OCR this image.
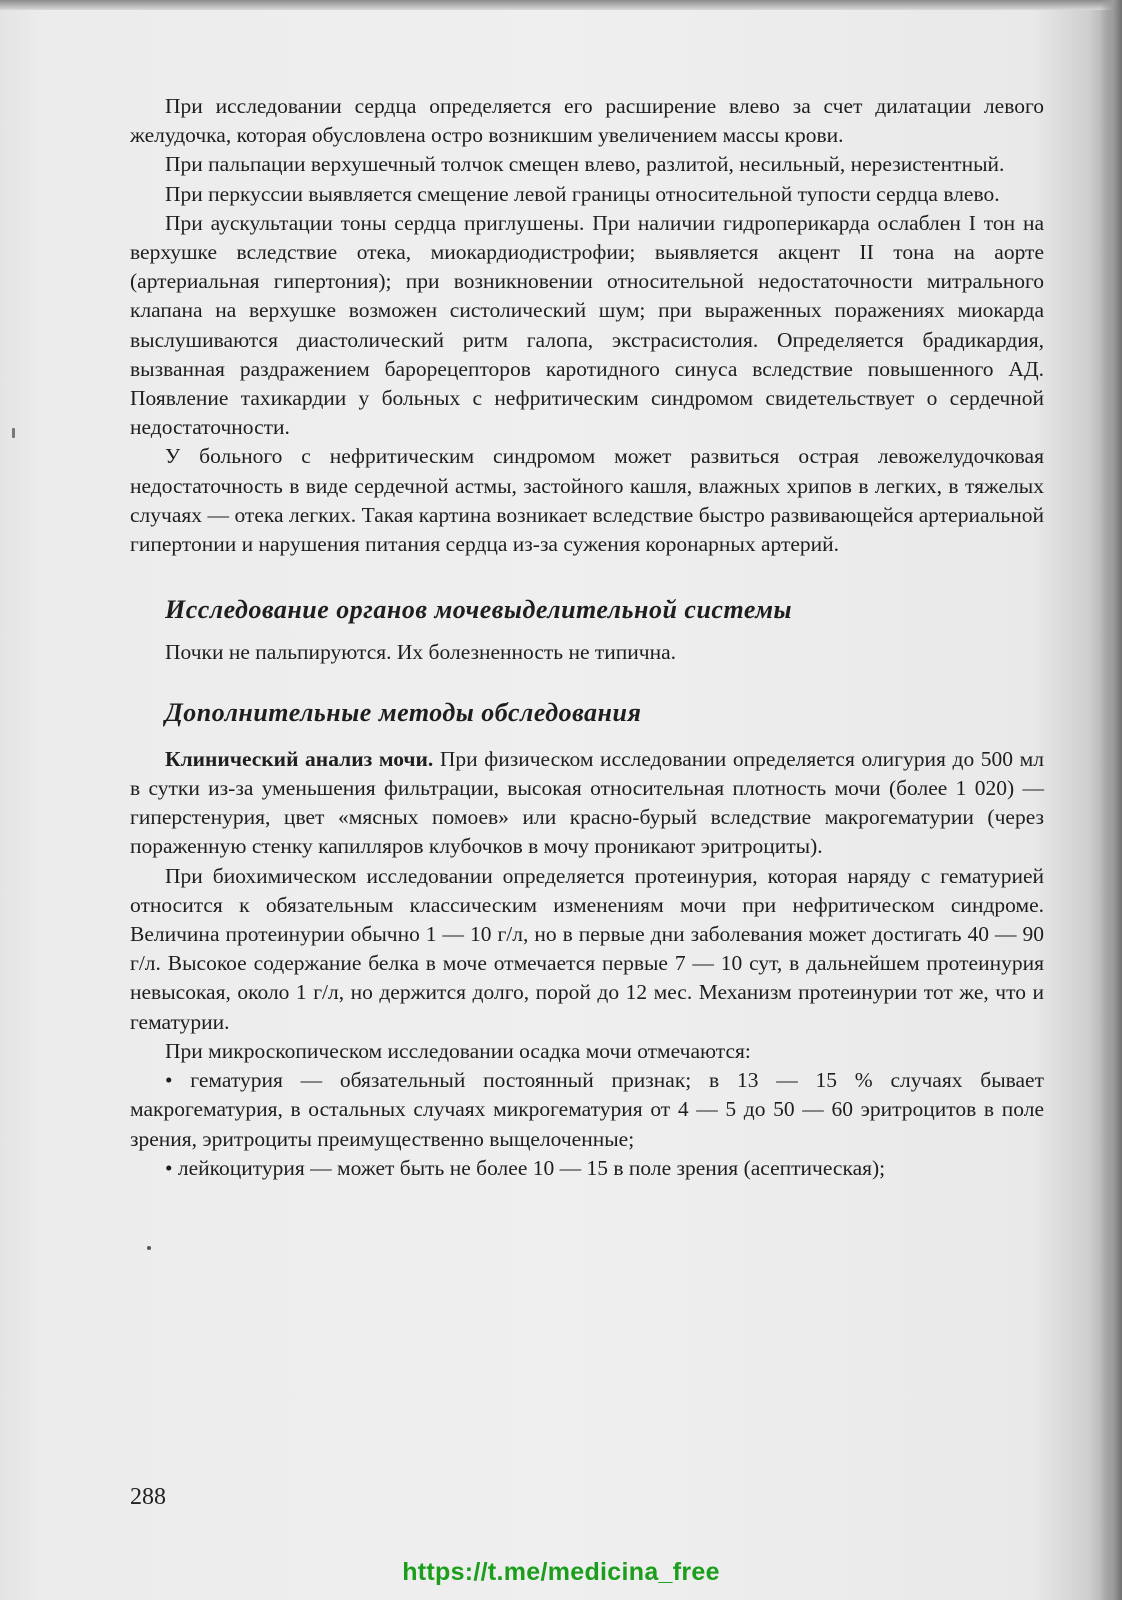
При исследовании сердца определяется его расширение влево за счет дилатации левого желудочка, которая обусловлена остро возникшим увеличением массы крови.

При пальпации верхушечный толчок смещен влево, разлитой, несильный, нерезистентный.

При перкуссии выявляется смещение левой границы относительной тупости сердца влево.

При аускультации тоны сердца приглушены. При наличии гидроперикарда ослаблен I тон на верхушке вследствие отека, миокардиодистрофии; выявляется акцент II тона на аорте (артериальная гипертония); при возникновении относительной недостаточности митрального клапана на верхушке возможен систолический шум; при выраженных поражениях миокарда выслушиваются диастолический ритм галопа, экстрасистолия. Определяется брадикардия, вызванная раздражением барорецепторов каротидного синуса вследствие повышенного АД. Появление тахикардии у больных с нефритическим синдромом свидетельствует о сердечной недостаточности.

У больного с нефритическим синдромом может развиться острая левожелудочковая недостаточность в виде сердечной астмы, застойного кашля, влажных хрипов в легких, в тяжелых случаях — отека легких. Такая картина возникает вследствие быстро развивающейся артериальной гипертонии и нарушения питания сердца из-за сужения коронарных артерий.

Исследование органов мочевыделительной системы

Почки не пальпируются. Их болезненность не типична.

Дополнительные методы обследования

Клинический анализ мочи. При физическом исследовании определяется олигурия до 500 мл в сутки из-за уменьшения фильтрации, высокая относительная плотность мочи (более 1 020) — гиперстенурия, цвет «мясных помоев» или красно-бурый вследствие макрогематурии (через пораженную стенку капилляров клубочков в мочу проникают эритроциты).

При биохимическом исследовании определяется протеинурия, которая наряду с гематурией относится к обязательным классическим изменениям мочи при нефритическом синдроме. Величина протеинурии обычно 1 — 10 г/л, но в первые дни заболевания может достигать 40 — 90 г/л. Высокое содержание белка в моче отмечается первые 7 — 10 сут, в дальнейшем протеинурия невысокая, около 1 г/л, но держится долго, порой до 12 мес. Механизм протеинурии тот же, что и гематурии.

При микроскопическом исследовании осадка мочи отмечаются:

• гематурия — обязательный постоянный признак; в 13 — 15 % случаях бывает макрогематурия, в остальных случаях микрогематурия от 4 — 5 до 50 — 60 эритроцитов в поле зрения, эритроциты преимущественно выщелоченные;

• лейкоцитурия — может быть не более 10 — 15 в поле зрения (асептическая);

288
https://t.me/medicina_free
